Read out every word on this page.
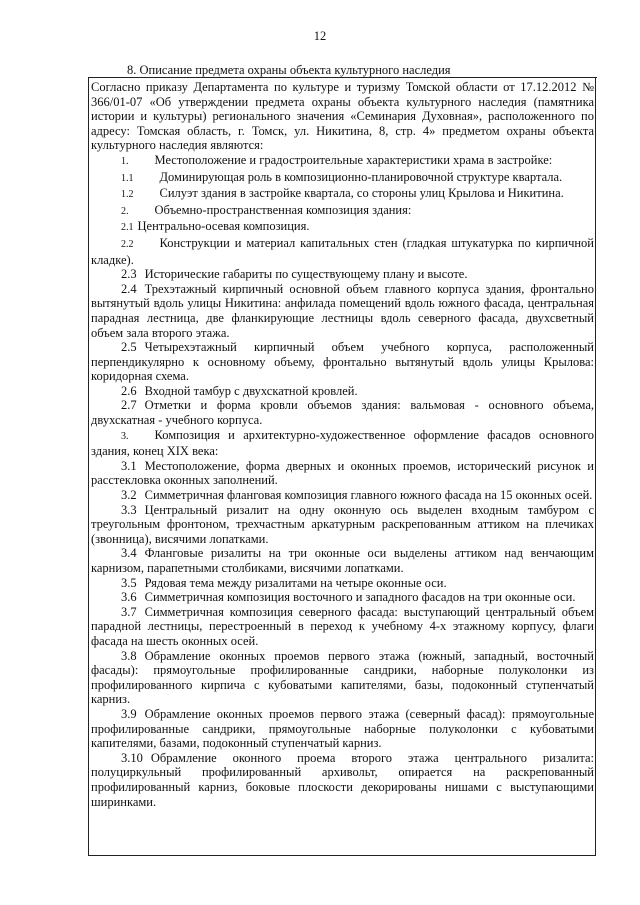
12
8. Описание предмета охраны объекта культурного наследия

Согласно приказу Департамента по культуре и туризму Томской области от 17.12.2012 № 366/01-07 «Об утверждении предмета охраны объекта культурного наследия (памятника истории и культуры) регионального значения «Семинария Духовная», расположенного по адресу: Томская область, г. Томск, ул. Никитина, 8, стр. 4» предметом охраны объекта культурного наследия являются:

1. Местоположение и градостроительные характеристики храма в застройке:

1.1 Доминирующая роль в композиционно-планировочной структуре квартала.

1.2 Силуэт здания в застройке квартала, со стороны улиц Крылова и Никитина.

2. Объемно-пространственная композиция здания:

2.1 Центрально-осевая композиция.

2.2 Конструкции и материал капитальных стен (гладкая штукатурка по кирпичной кладке).

2.3 Исторические габариты по существующему плану и высоте.

2.4 Трехэтажный кирпичный основной объем главного корпуса здания, фронтально вытянутый вдоль улицы Никитина: анфилада помещений вдоль южного фасада, центральная парадная лестница, две фланкирующие лестницы вдоль северного фасада, двухсветный объем зала второго этажа.

2.5 Четырехэтажный кирпичный объем учебного корпуса, расположенный перпендикулярно к основному объему, фронтально вытянутый вдоль улицы Крылова: коридорная схема.

2.6 Входной тамбур с двухскатной кровлей.

2.7 Отметки и форма кровли объемов здания: вальмовая - основного объема, двухскатная - учебного корпуса.

3. Композиция и архитектурно-художественное оформление фасадов основного здания, конец XIX века:

3.1 Местоположение, форма дверных и оконных проемов, исторический рисунок и расстекловка оконных заполнений.

3.2 Симметричная фланговая композиция главного южного фасада на 15 оконных осей.

3.3 Центральный ризалит на одну оконную ось выделен входным тамбуром с треугольным фронтоном, трехчастным аркатурным раскрепованным аттиком на плечиках (звонница), висячими лопатками.

3.4 Фланговые ризалиты на три оконные оси выделены аттиком над венчающим карнизом, парапетными столбиками, висячими лопатками.

3.5 Рядовая тема между ризалитами на четыре оконные оси.

3.6 Симметричная композиция восточного и западного фасадов на три оконные оси.

3.7 Симметричная композиция северного фасада: выступающий центральный объем парадной лестницы, перестроенный в переход к учебному 4-х этажному корпусу, флаги фасада на шесть оконных осей.

3.8 Обрамление оконных проемов первого этажа (южный, западный, восточный фасады): прямоугольные профилированные сандрики, наборные полуколонки из профилированного кирпича с кубоватыми капителями, базы, подоконный ступенчатый карниз.

3.9 Обрамление оконных проемов первого этажа (северный фасад): прямоугольные профилированные сандрики, прямоугольные наборные полуколонки с кубоватыми капителями, базами, подоконный ступенчатый карниз.

3.10 Обрамление оконного проема второго этажа центрального ризалита: полуциркульный профилированный архивольт, опирается на раскрепованный профилированный карниз, боковые плоскости декорированы нишами с выступающими ширинками.
